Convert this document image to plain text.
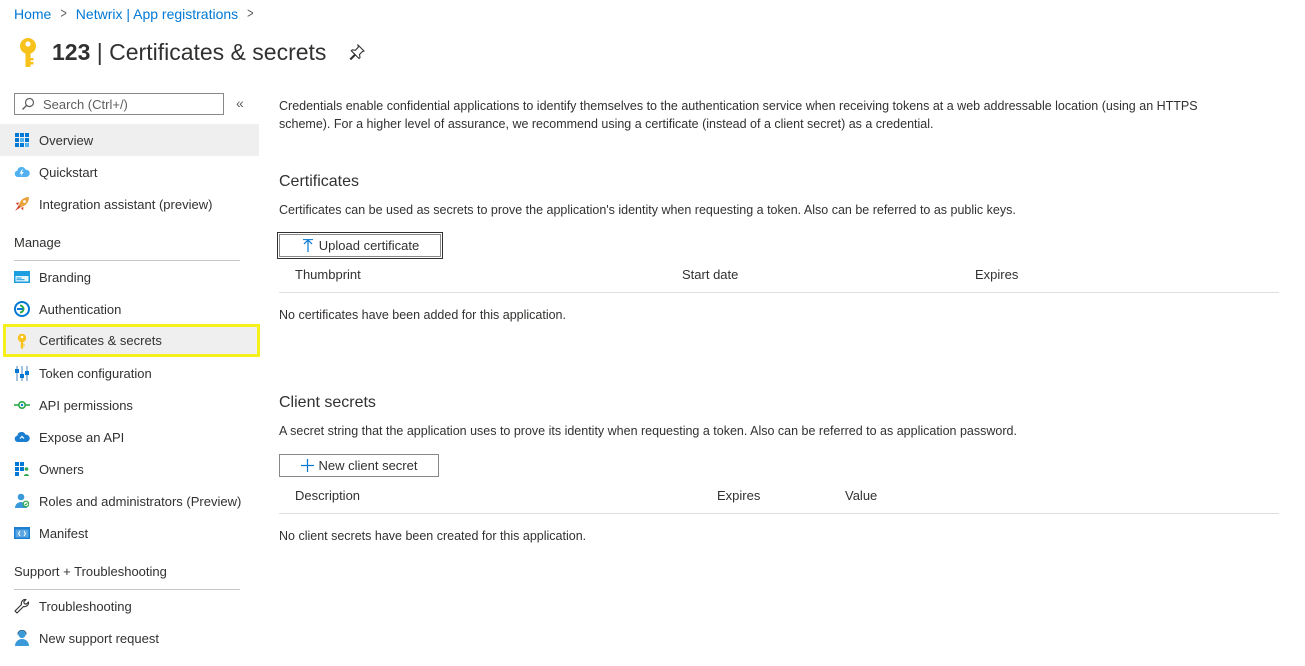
Home > Netwrix | App registrations >
123 | Certificates & secrets
Search (Ctrl+/)
«
Overview
Quickstart
Integration assistant (preview)
Manage
Branding
Authentication
Certificates & secrets
Token configuration
API permissions
Expose an API
Owners
Roles and administrators (Preview)
Manifest
Support + Troubleshooting
Troubleshooting
New support request

Credentials enable confidential applications to identify themselves to the authentication service when receiving tokens at a web addressable location (using an HTTPS scheme). For a higher level of assurance, we recommend using a certificate (instead of a client secret) as a credential.

Certificates
Certificates can be used as secrets to prove the application's identity when requesting a token. Also can be referred to as public keys.
Upload certificate
Thumbprint	Start date	Expires
No certificates have been added for this application.
Client secrets
A secret string that the application uses to prove its identity when requesting a token. Also can be referred to as application password.
New client secret
Description	Expires	Value
No client secrets have been created for this application.
